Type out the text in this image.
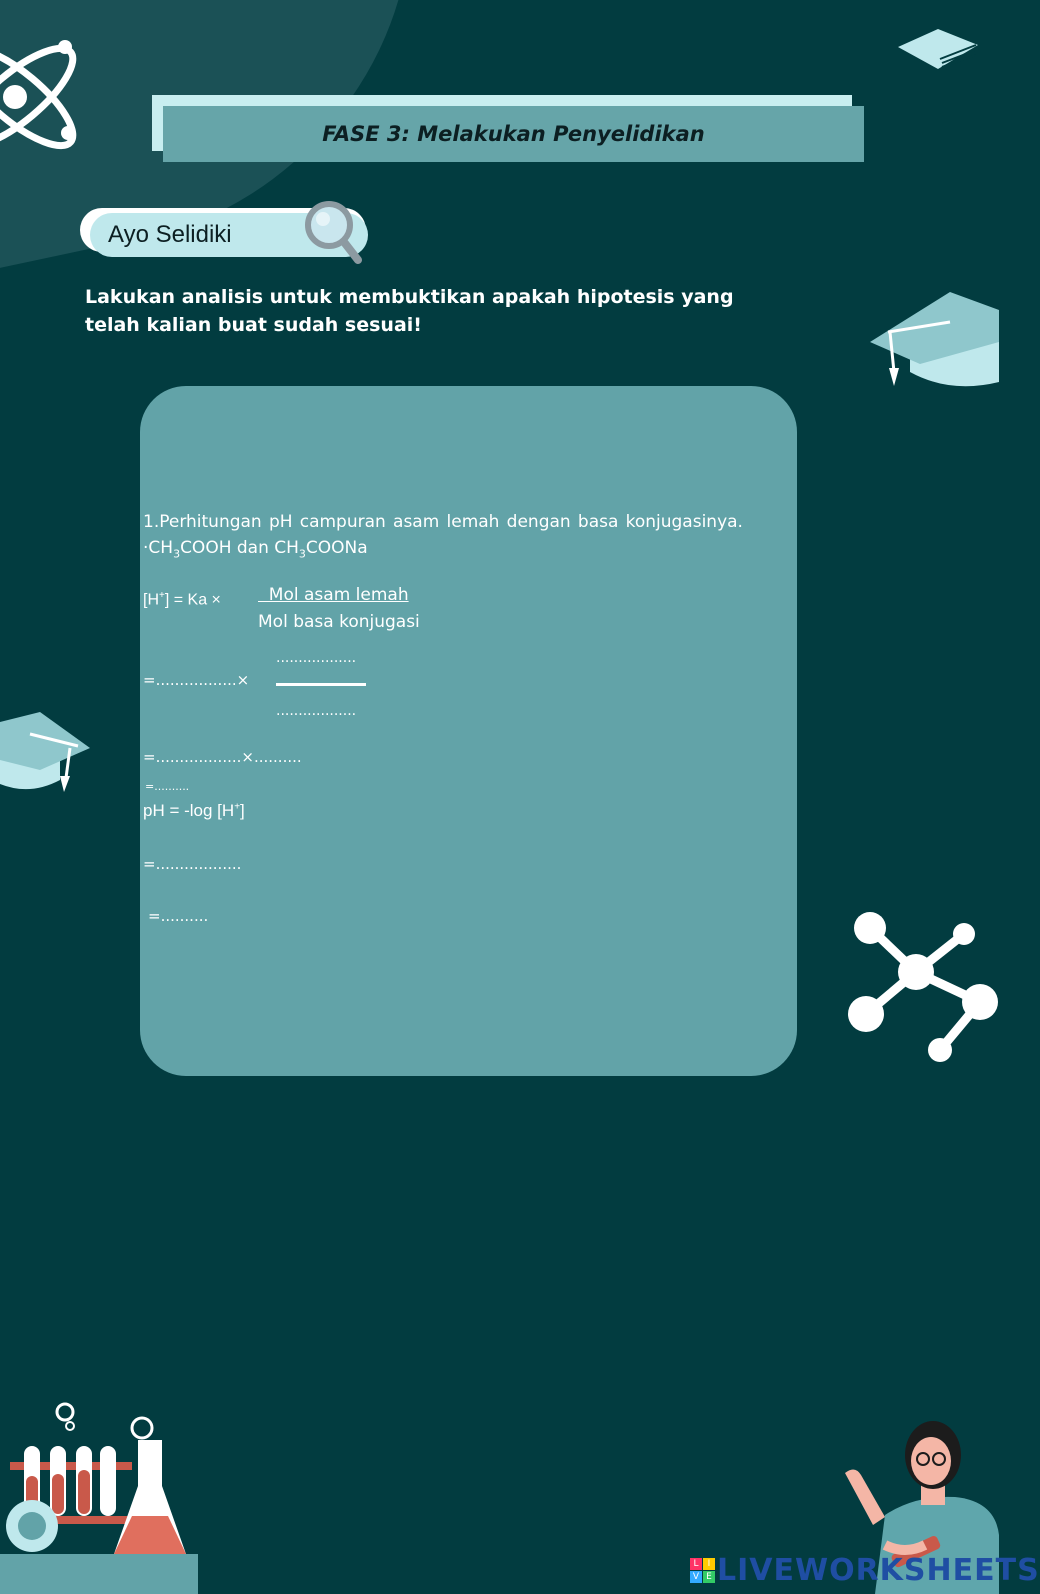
FASE 3: Melakukan Penyelidikan
Ayo Selidiki
Lakukan analisis untuk membuktikan apakah hipotesis yang telah kalian buat sudah sesuai!
1.Perhitungan pH campuran asam lemah dengan basa konjugasinya.
$\cdot CH_3COOH$ dan $CH_3COONa$
[H+] = Ka × Mol asam lemah
Mol basa konjugasi
..................
=.................×
..................
=..................×..........
=..........
pH = -log [H+]
=..................
=..........
L	I
V E LIVEWORKSHEETS
